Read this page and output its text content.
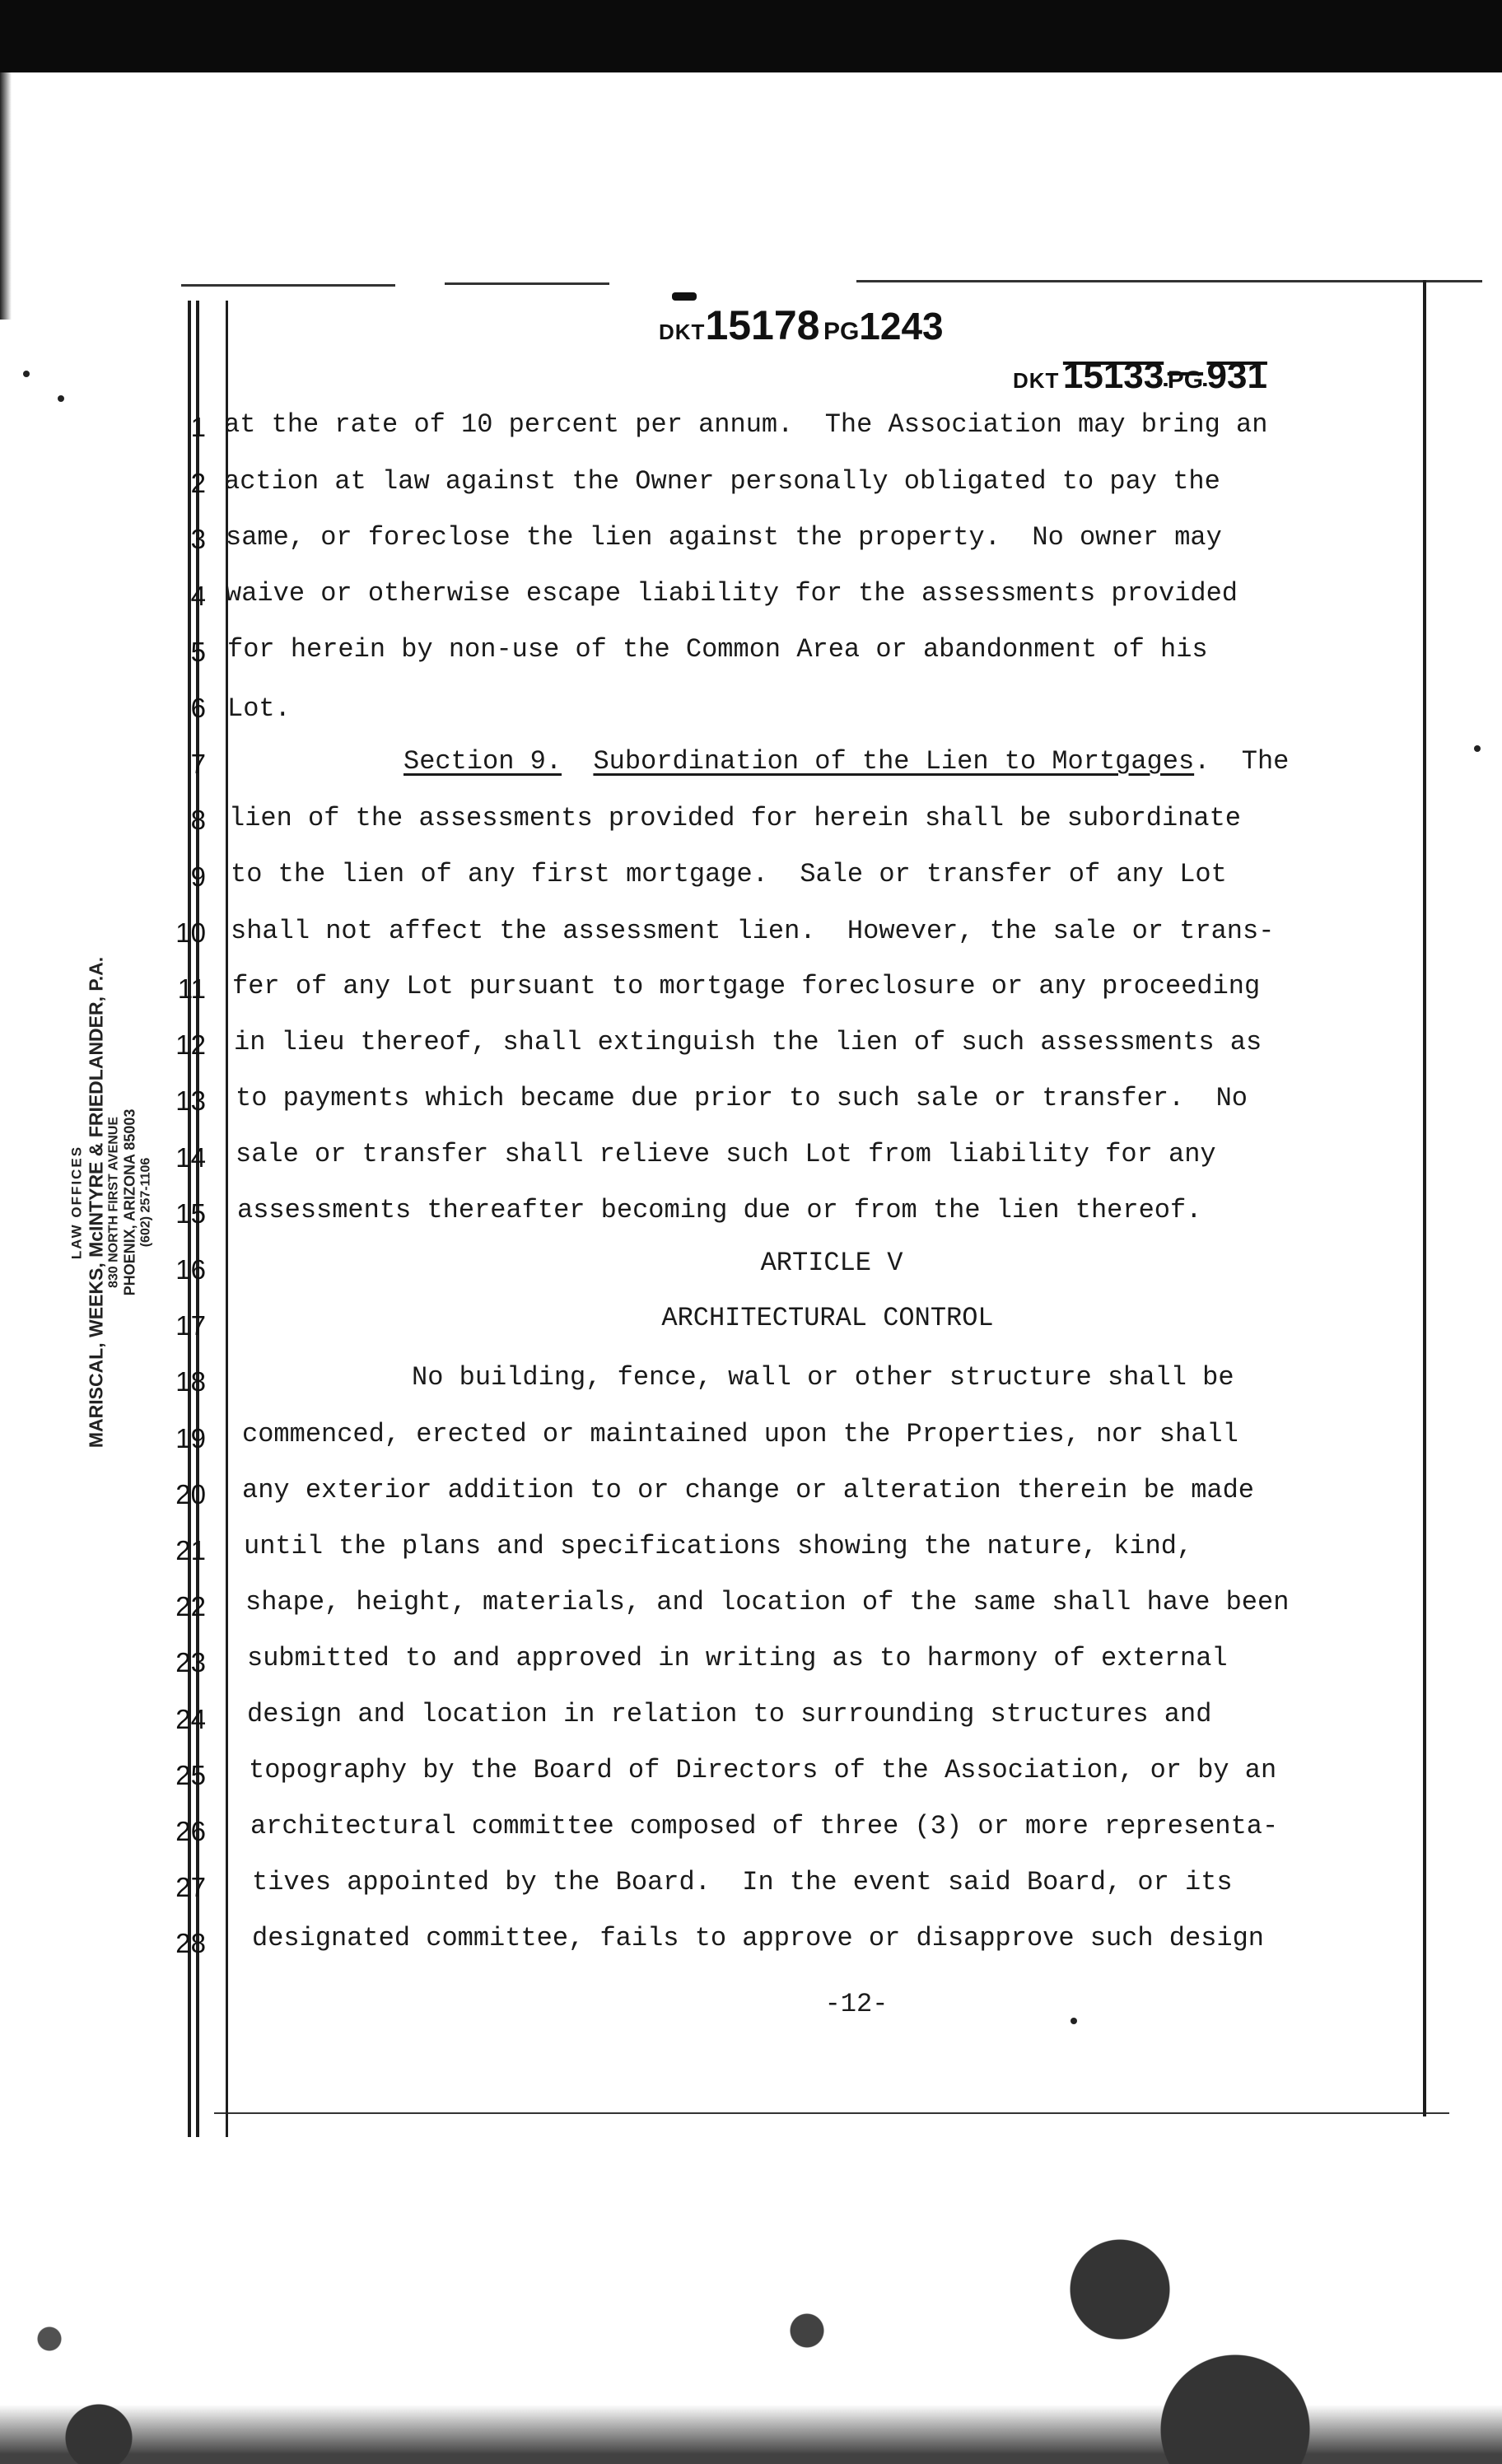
LAW OFFICES MARISCAL, WEEKS, McINTYRE & FRIEDLANDER, P.A. 830 NORTH FIRST AVENUE PHOENIX, ARIZONA 85003 (602) 257-1106
DKT15178 PG1243
DKT 15133 PG 931
1
2
3
4
5
6
7
8
9
10
11
12
13
14
15
16
17
18
19
20
21
22
23
24
25
26
27
28
at the rate of 10 percent per annum.  The Association may bring an
action at law against the Owner personally obligated to pay the
same, or foreclose the lien against the property.  No owner may
waive or otherwise escape liability for the assessments provided
for herein by non-use of the Common Area or abandonment of his
Lot.
Section 9. Subordination of the Lien to Mortgages.  The
lien of the assessments provided for herein shall be subordinate
to the lien of any first mortgage.  Sale or transfer of any Lot
shall not affect the assessment lien.  However, the sale or trans-
fer of any Lot pursuant to mortgage foreclosure or any proceeding
in lieu thereof, shall extinguish the lien of such assessments as
to payments which became due prior to such sale or transfer.  No
sale or transfer shall relieve such Lot from liability for any
assessments thereafter becoming due or from the lien thereof.
ARTICLE V
ARCHITECTURAL CONTROL
No building, fence, wall or other structure shall be
commenced, erected or maintained upon the Properties, nor shall
any exterior addition to or change or alteration therein be made
until the plans and specifications showing the nature, kind,
shape, height, materials, and location of the same shall have been
submitted to and approved in writing as to harmony of external
design and location in relation to surrounding structures and
topography by the Board of Directors of the Association, or by an
architectural committee composed of three (3) or more representa-
tives appointed by the Board.  In the event said Board, or its
designated committee, fails to approve or disapprove such design
-12-
